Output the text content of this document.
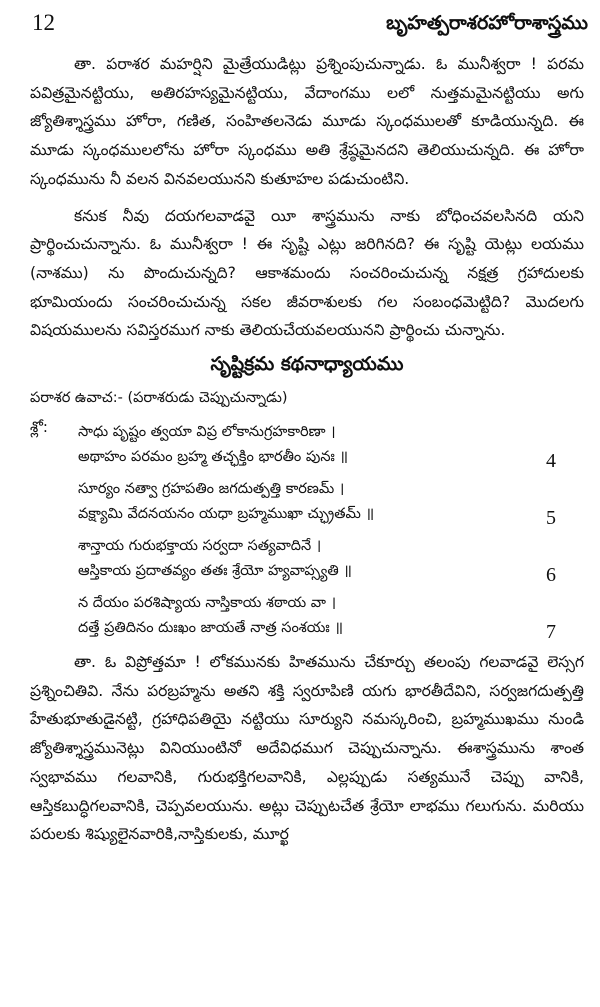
12	బృహత్పరాశరహోరాశాస్త్రము

తా. పరాశర మహర్షిని మైత్రేయుడిట్లు ప్రశ్నింపుచున్నాడు. ఓ మునీశ్వరా ! పరమ పవిత్రమైనట్టియు, అతిరహస్యమైనట్టియు, వేదాంగము లలో నుత్తమమైనట్టియు అగు జ్యోతిశ్శాస్త్రము హోరా, గణిత, సంహితలనెడు మూడు స్కంధములతో కూడియున్నది. ఈ మూడు స్కంధములలోను హోరా స్కంధము అతి శ్రేష్ఠమైనదని తెలియుచున్నది. ఈ హోరా స్కంధమును నీ వలన వినవలయునని కుతూహల పడుచుంటిని.

కనుక నీవు దయగలవాడవై యీ శాస్త్రమును నాకు బోధించవలసినది యని ప్రార్థించుచున్నాను. ఓ మునీశ్వరా ! ఈ సృష్టి ఎట్లు జరిగినది? ఈ సృష్టి యెట్లు లయము (నాశము) ను పొందుచున్నది? ఆకాశమందు సంచరించుచున్న నక్షత్ర గ్రహాదులకు భూమియందు సంచరించుచున్న సకల జీవరాశులకు గల సంబంధమెట్టిది? మొదలగు విషయములను సవిస్తరముగ నాకు తెలియచేయవలయునని ప్రార్థించు చున్నాను.

సృష్టిక్రమ కథనాధ్యాయము
పరాశర ఉవాచ:- (పరాశరుడు చెప్పుచున్నాడు)
శ్లో: సాధు పృష్టం త్వయా విప్ర లోకానుగ్రహకారిణా ।
అథాహం పరమం బ్రహ్మ తచ్ఛక్తిం భారతీం పునః ॥	4
సూర్యం నత్వా గ్రహపతిం జగదుత్పత్తి కారణమ్ ।
వక్ష్యామి వేదనయనం యధా బ్రహ్మముఖా చ్ఛ్రుతమ్ ॥	5
శాన్తాయ గురుభక్తాయ సర్వదా సత్యవాదినే ।
ఆస్తికాయ ప్రదాతవ్యం తతః శ్రేయో హ్యవాప్స్యతి ॥	6
న దేయం పరశిష్యాయ నాస్తికాయ శఠాయ వా ।
దత్తే ప్రతిదినం దుఃఖం జాయతే నాత్ర సంశయః ॥	7

తా. ఓ విప్రోత్తమా ! లోకమునకు హితమును చేకూర్చు తలంపు గలవాడవై లెస్సగ ప్రశ్నించితివి. నేను పరబ్రహ్మను అతని శక్తి స్వరూపిణి యగు భారతీదేవిని, సర్వజగదుత్పత్తి హేతుభూతుడైనట్టి, గ్రహాధిపతియై నట్టియు సూర్యుని నమస్కరించి, బ్రహ్మముఖము నుండి జ్యోతిశ్శాస్త్రమునెట్లు వినియుంటినో అదేవిధముగ చెప్పుచున్నాను. ఈశాస్త్రమును శాంత స్వభావము గలవానికి, గురుభక్తిగలవానికి, ఎల్లప్పుడు సత్యమునే చెప్పు వానికి, ఆస్తికబుద్ధిగలవానికి, చెప్పవలయును. అట్లు చెప్పుటచేత శ్రేయో లాభము గలుగును. మరియు పరులకు శిష్యులైనవారికి,నాస్తికులకు, మూర్ఖ
